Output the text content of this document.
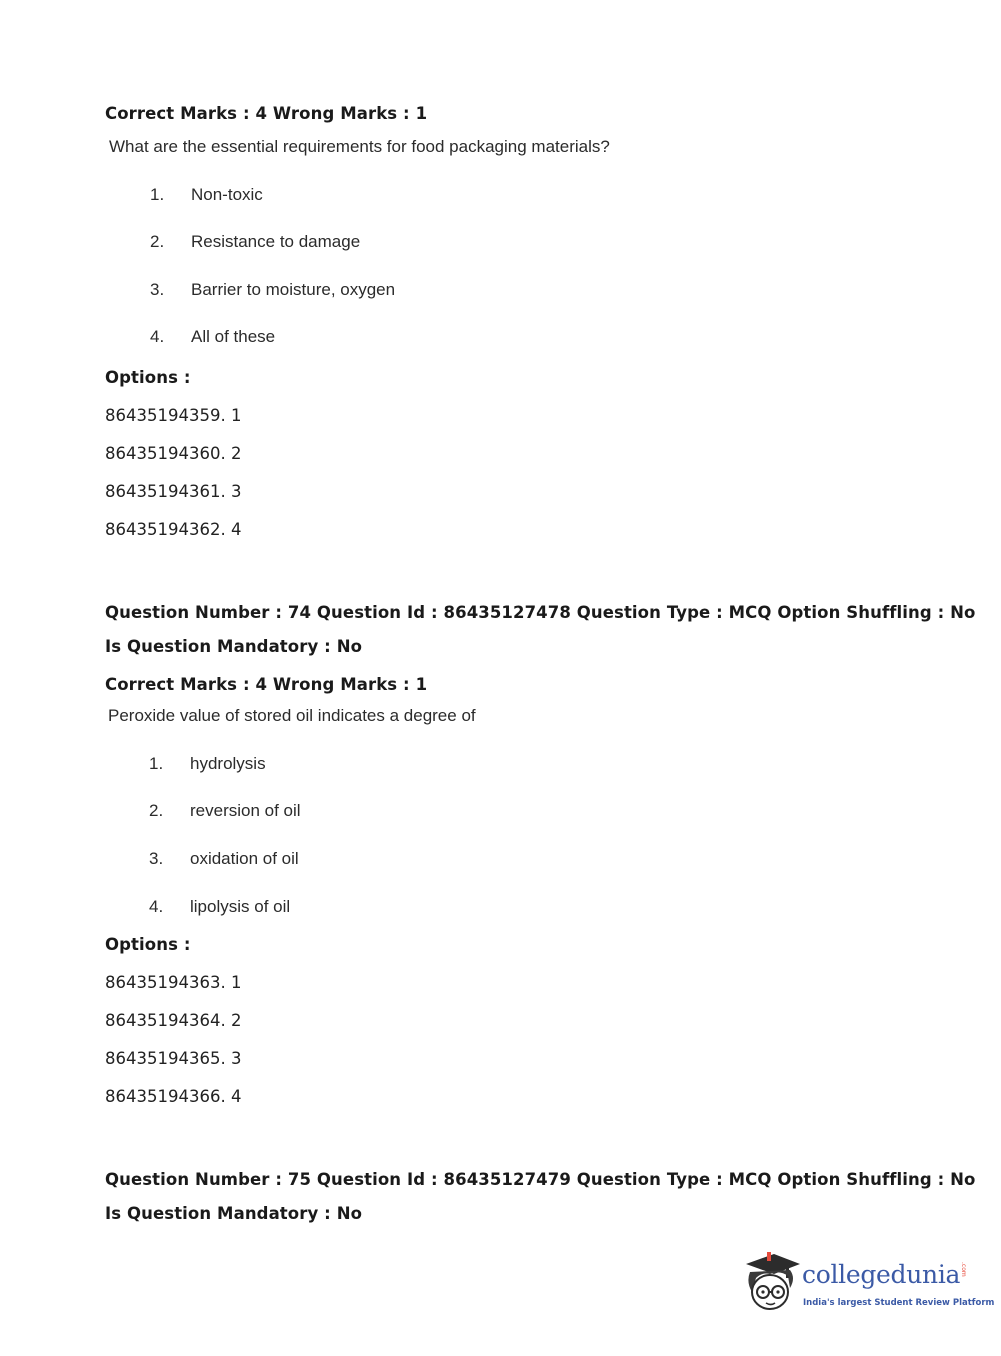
Correct Marks : 4 Wrong Marks : 1
What are the essential requirements for food packaging materials?
1. Non-toxic
2. Resistance to damage
3. Barrier to moisture, oxygen
4. All of these
Options :
86435194359. 1
86435194360. 2
86435194361. 3
86435194362. 4
Question Number : 74 Question Id : 86435127478 Question Type : MCQ Option Shuffling : No
Is Question Mandatory : No
Correct Marks : 4 Wrong Marks : 1
Peroxide value of stored oil indicates a degree of
1. hydrolysis
2. reversion of oil
3. oxidation of oil
4. lipolysis of oil
Options :
86435194363. 1
86435194364. 2
86435194365. 3
86435194366. 4
Question Number : 75 Question Id : 86435127479 Question Type : MCQ Option Shuffling : No
Is Question Mandatory : No
collegedunia .com
India's largest Student Review Platform
